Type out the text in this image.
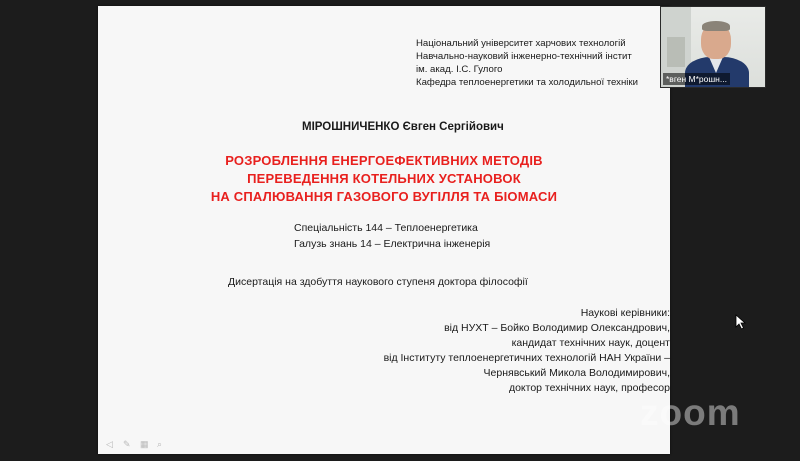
Національний університет харчових технологій
Навчально-науковий інженерно-технічний інстит
ім. акад. І.С. Гулого
Кафедра теплоенергетики та холодильної техніки
МІРОШНИЧЕНКО Євген Сергійович
РОЗРОБЛЕННЯ ЕНЕРГОЕФЕКТИВНИХ МЕТОДІВ
ПЕРЕВЕДЕННЯ КОТЕЛЬНИХ УСТАНОВОК
НА СПАЛЮВАННЯ ГАЗОВОГО ВУГІЛЛЯ ТА БІОМАСИ
Спеціальність 144 – Теплоенергетика
Галузь знань 14 – Електрична інженерія
Дисертація на здобуття наукового ступеня доктора філософії
Наукові керівники:
від НУХТ – Бойко Володимир Олександрович,
кандидат технічних наук, доцент
від Інституту теплоенергетичних технологій НАН України –
Чернявський Микола Володимирович,
доктор технічних наук, професор
◁ ✎ ▦ ⌕
*вген М*рошн...
zoom
